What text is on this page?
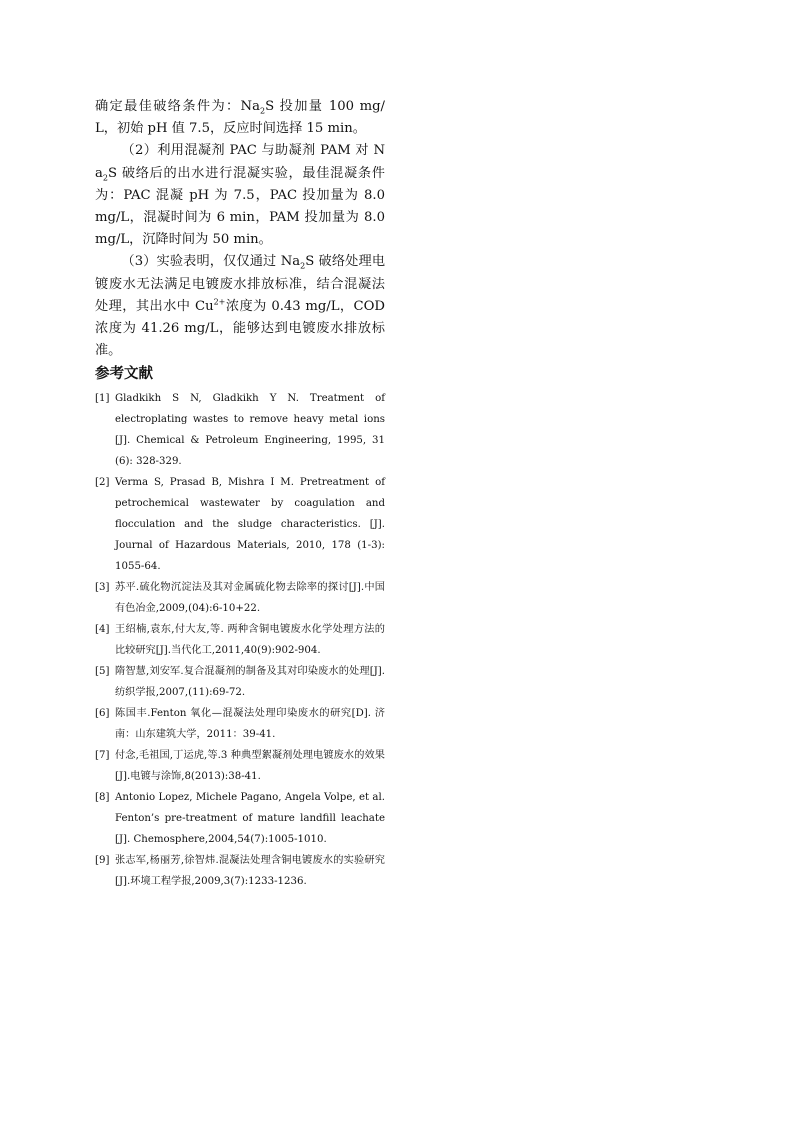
确定最佳破络条件为：$Na_2S$ 投加量 100 mg/L，初始 pH 值 7.5，反应时间选择 15 min。

（2）利用混凝剂 PAC 与助凝剂 PAM 对 $Na_2S$ 破络后的出水进行混凝实验，最佳混凝条件为：PAC 混凝 pH 为 7.5，PAC 投加量为 8.0 mg/L，混凝时间为 6 min，PAM 投加量为 8.0 mg/L，沉降时间为 50 min。

（3）实验表明，仅仅通过 $Na_2S$ 破络处理电镀废水无法满足电镀废水排放标准，结合混凝法处理，其出水中 $Cu^{2+}$浓度为 0.43 mg/L，COD 浓度为 41.26 mg/L，能够达到电镀废水排放标准。

参考文献
[1] Gladkikh S N, Gladkikh Y N. Treatment of electroplating wastes to remove heavy metal ions [J]. Chemical & Petroleum Engineering, 1995, 31 (6): 328-329.
[2] Verma S, Prasad B, Mishra I M. Pretreatment of petrochemical wastewater by coagulation and flocculation and the sludge characteristics. [J]. Journal of Hazardous Materials, 2010, 178 (1-3): 1055-64.
[3] 苏平.硫化物沉淀法及其对金属硫化物去除率的探讨[J].中国有色冶金,2009,(04):6-10+22.
[4] 王绍楠,袁东,付大友,等. 两种含铜电镀废水化学处理方法的比较研究[J].当代化工,2011,40(9):902-904.
[5] 隋智慧,刘安军.复合混凝剂的制备及其对印染废水的处理[J].纺织学报,2007,(11):69-72.
[6] 陈国丰.Fenton 氧化—混凝法处理印染废水的研究[D]. 济南：山东建筑大学，2011：39-41.
[7] 付念,毛祖国,丁运虎,等.3 种典型絮凝剂处理电镀废水的效果[J].电镀与涂饰,8(2013):38-41.
[8] Antonio Lopez, Michele Pagano, Angela Volpe, et al. Fenton’s pre-treatment of mature landfill leachate [J]. Chemosphere,2004,54(7):1005-1010.
[9] 张志军,杨丽芳,徐智炜.混凝法处理含铜电镀废水的实验研究[J].环境工程学报,2009,3(7):1233-1236.
